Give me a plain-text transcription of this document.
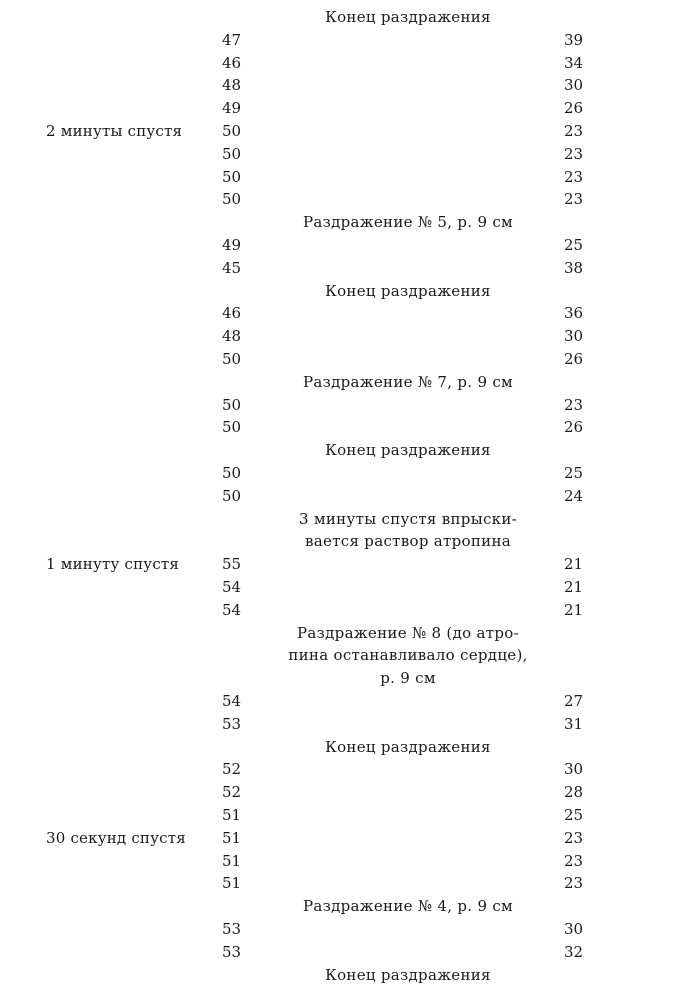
Конец раздражения
47	39
46	34
48	30
49	26
2 минуты спустя	50	23
50	23
50	23
50	23
Раздражение № 5, р. 9 см
49	25
45	38
Конец раздражения
46	36
48	30
50	26
Раздражение № 7, р. 9 см
50	23
50	26
Конец раздражения
50	25
50	24
3 минуты спустя впрыски-
вается раствор атропина
1 минуту спустя	55	21
54	21
54	21
Раздражение № 8 (до атро-
пина останавливало сердце),
р. 9 см
54	27
53	31
Конец раздражения
52	30
52	28
51	25
30 секунд спустя 51	23
51	23
51	23
Раздражение № 4, р. 9 см
53	30
53	32
Конец раздражения
